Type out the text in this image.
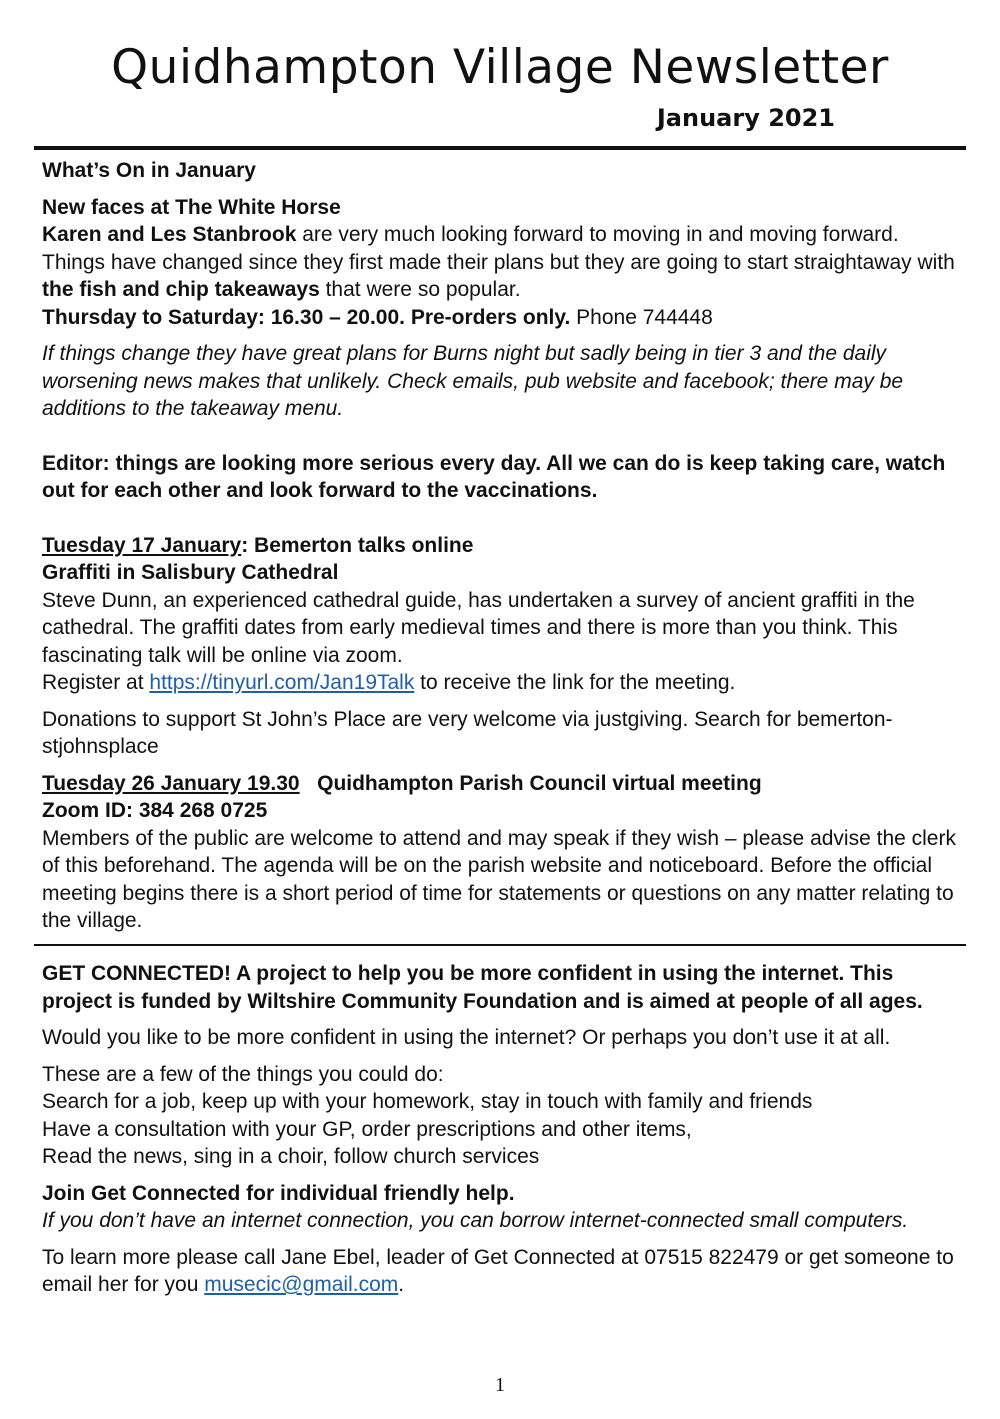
Quidhampton Village Newsletter
January 2021

What’s On in January

New faces at The White Horse

Karen and Les Stanbrook are very much looking forward to moving in and moving forward. Things have changed since they first made their plans but they are going to start straightaway with the fish and chip takeaways that were so popular.

Thursday to Saturday: 16.30 – 20.00. Pre-orders only. Phone 744448

If things change they have great plans for Burns night but sadly being in tier 3 and the daily worsening news makes that unlikely. Check emails, pub website and facebook; there may be additions to the takeaway menu.

Editor: things are looking more serious every day. All we can do is keep taking care, watch out for each other and look forward to the vaccinations.

Tuesday 17 January: Bemerton talks online

Graffiti in Salisbury Cathedral

Steve Dunn, an experienced cathedral guide, has undertaken a survey of ancient graffiti in the cathedral. The graffiti dates from early medieval times and there is more than you think. This fascinating talk will be online via zoom.

Register at https://tinyurl.com/Jan19Talk to receive the link for the meeting.

Donations to support St John’s Place are very welcome via justgiving. Search for bemerton-stjohnsplace

Tuesday 26 January 19.30   Quidhampton Parish Council virtual meeting

Zoom ID: 384 268 0725

Members of the public are welcome to attend and may speak if they wish – please advise the clerk of this beforehand. The agenda will be on the parish website and noticeboard. Before the official meeting begins there is a short period of time for statements or questions on any matter relating to the village.

GET CONNECTED! A project to help you be more confident in using the internet. This project is funded by Wiltshire Community Foundation and is aimed at people of all ages.

Would you like to be more confident in using the internet? Or perhaps you don’t use it at all.

These are a few of the things you could do:

Search for a job, keep up with your homework, stay in touch with family and friends

Have a consultation with your GP, order prescriptions and other items,

Read the news, sing in a choir, follow church services

Join Get Connected for individual friendly help.

If you don’t have an internet connection, you can borrow internet-connected small computers.

To learn more please call Jane Ebel, leader of Get Connected at 07515 822479 or get someone to email her for you musecic@gmail.com.

1
